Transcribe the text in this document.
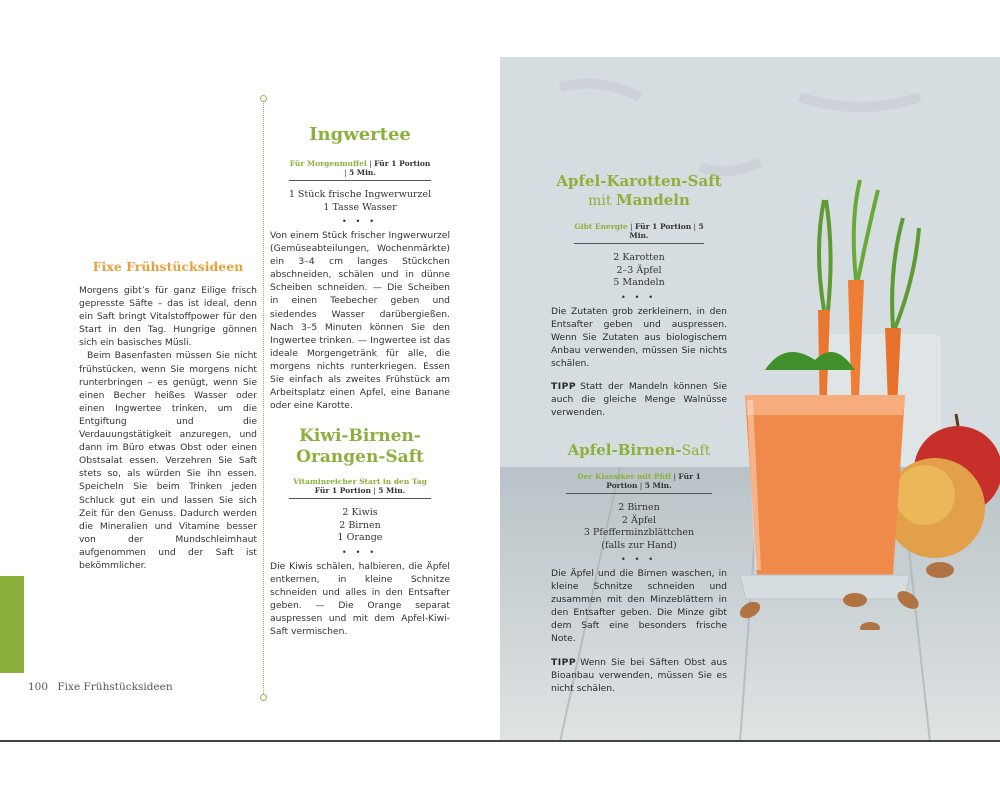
100 Fixe Frühstücksideen
Fixe Frühstücksideen

Morgens gibt’s für ganz Eilige frisch gepresste Säfte – das ist ideal, denn ein Saft bringt Vitalstoffpower für den Start in den Tag. Hungrige gönnen sich ein basisches Müsli.

Beim Basenfasten müssen Sie nicht frühstücken, wenn Sie morgens nicht runterbringen – es genügt, wenn Sie einen Becher heißes Wasser oder einen Ingwertee trinken, um die Entgiftung und die Verdauungstätigkeit anzuregen, und dann im Büro etwas Obst oder einen Obstsalat essen. Verzehren Sie Saft stets so, als würden Sie ihn essen. Speicheln Sie beim Trinken jeden Schluck gut ein und lassen Sie sich Zeit für den Genuss. Dadurch werden die Mineralien und Vitamine besser von der Mundschleimhaut aufgenommen und der Saft ist bekömmlicher.

Ingwertee
Für Morgenmuffel | Für 1 Portion | 5 Min.
1 Stück frische Ingwerwurzel
1 Tasse Wasser
• • •
Von einem Stück frischer Ingwerwurzel (Gemüseabteilungen, Wochenmärkte) ein 3–4 cm langes Stückchen abschneiden, schälen und in dünne Scheiben schneiden. — Die Scheiben in einen Teebecher geben und siedendes Wasser darübergießen. Nach 3–5 Minuten können Sie den Ingwertee trinken. — Ingwertee ist das ideale Morgengetränk für alle, die morgens nichts runterkriegen. Essen Sie einfach als zweites Frühstück am Arbeitsplatz einen Apfel, eine Banane oder eine Karotte.
Kiwi-Birnen-
Orangen-Saft
Vitaminreicher Start in den Tag
Für 1 Portion | 5 Min.
2 Kiwis
2 Birnen
1 Orange
• • •
Die Kiwis schälen, halbieren, die Äpfel entkernen, in kleine Schnitze schneiden und alles in den Entsafter geben. — Die Orange separat auspressen und mit dem Apfel-Kiwi-Saft vermischen.
Apfel-Karotten-Saft
mit Mandeln
Gibt Energie | Für 1 Portion | 5 Min.
2 Karotten
2–3 Äpfel
5 Mandeln
• • •
Die Zutaten grob zerkleinern, in den Entsafter geben und auspressen. Wenn Sie Zutaten aus biologischem Anbau verwenden, müssen Sie nichts schälen.
TIPP Statt der Mandeln können Sie auch die gleiche Menge Walnüsse verwenden.
Apfel-Birnen-Saft
Der Klassiker mit Pfiff | Für 1 Portion | 5 Min.
2 Birnen
2 Äpfel
3 Pfefferminzblättchen
(falls zur Hand)
• • •
Die Äpfel und die Birnen waschen, in kleine Schnitze schneiden und zusammen mit den Minzeblättern in den Entsafter geben. Die Minze gibt dem Saft eine besonders frische Note.
TIPP Wenn Sie bei Säften Obst aus Bioanbau verwenden, müssen Sie es nicht schälen.
